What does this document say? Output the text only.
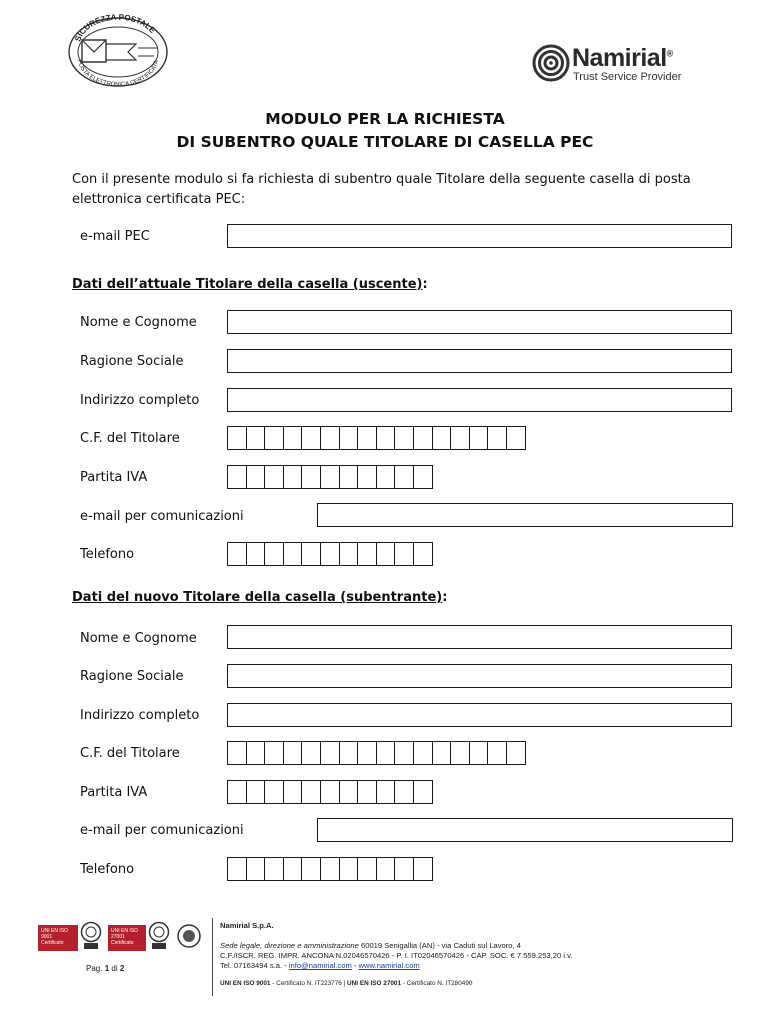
SICUREZZA POSTALE
POSTA ELETTRONICA CERTIFICATA	Namirial®
Trust Service Provider
MODULO PER LA RICHIESTA
DI SUBENTRO QUALE TITOLARE DI CASELLA PEC
Con il presente modulo si fa richiesta di subentro quale Titolare della seguente casella di posta elettronica certificata PEC:
e-mail PEC
Dati dell’attuale Titolare della casella (uscente):
Nome e Cognome
Ragione Sociale
Indirizzo completo
C.F. del Titolare
Partita IVA
e-mail per comunicazioni
Telefono
Dati del nuovo Titolare della casella (subentrante):
Nome e Cognome
Ragione Sociale
Indirizzo completo
C.F. del Titolare
Partita IVA
e-mail per comunicazioni
Telefono
UNI EN ISO 9001 Certificato
UNI EN ISO 27001 Certificato
Pag. 1 di 2
Namirial S.p.A.
Sede legale, direzione e amministrazione 60019 Senigallia (AN) - via Caduti sul Lavoro, 4
C.F./ISCR. REG. IMPR. ANCONA N.02046570426 - P. I. IT02046570426 - CAP. SOC. € 7.559.253,20 i.v.
Tel. 07163494 s.a. - info@namirial.com - www.namirial.com
UNI EN ISO 9001 - Certificato N. IT223776 | UNI EN ISO 27001 - Certificato N. IT280490
